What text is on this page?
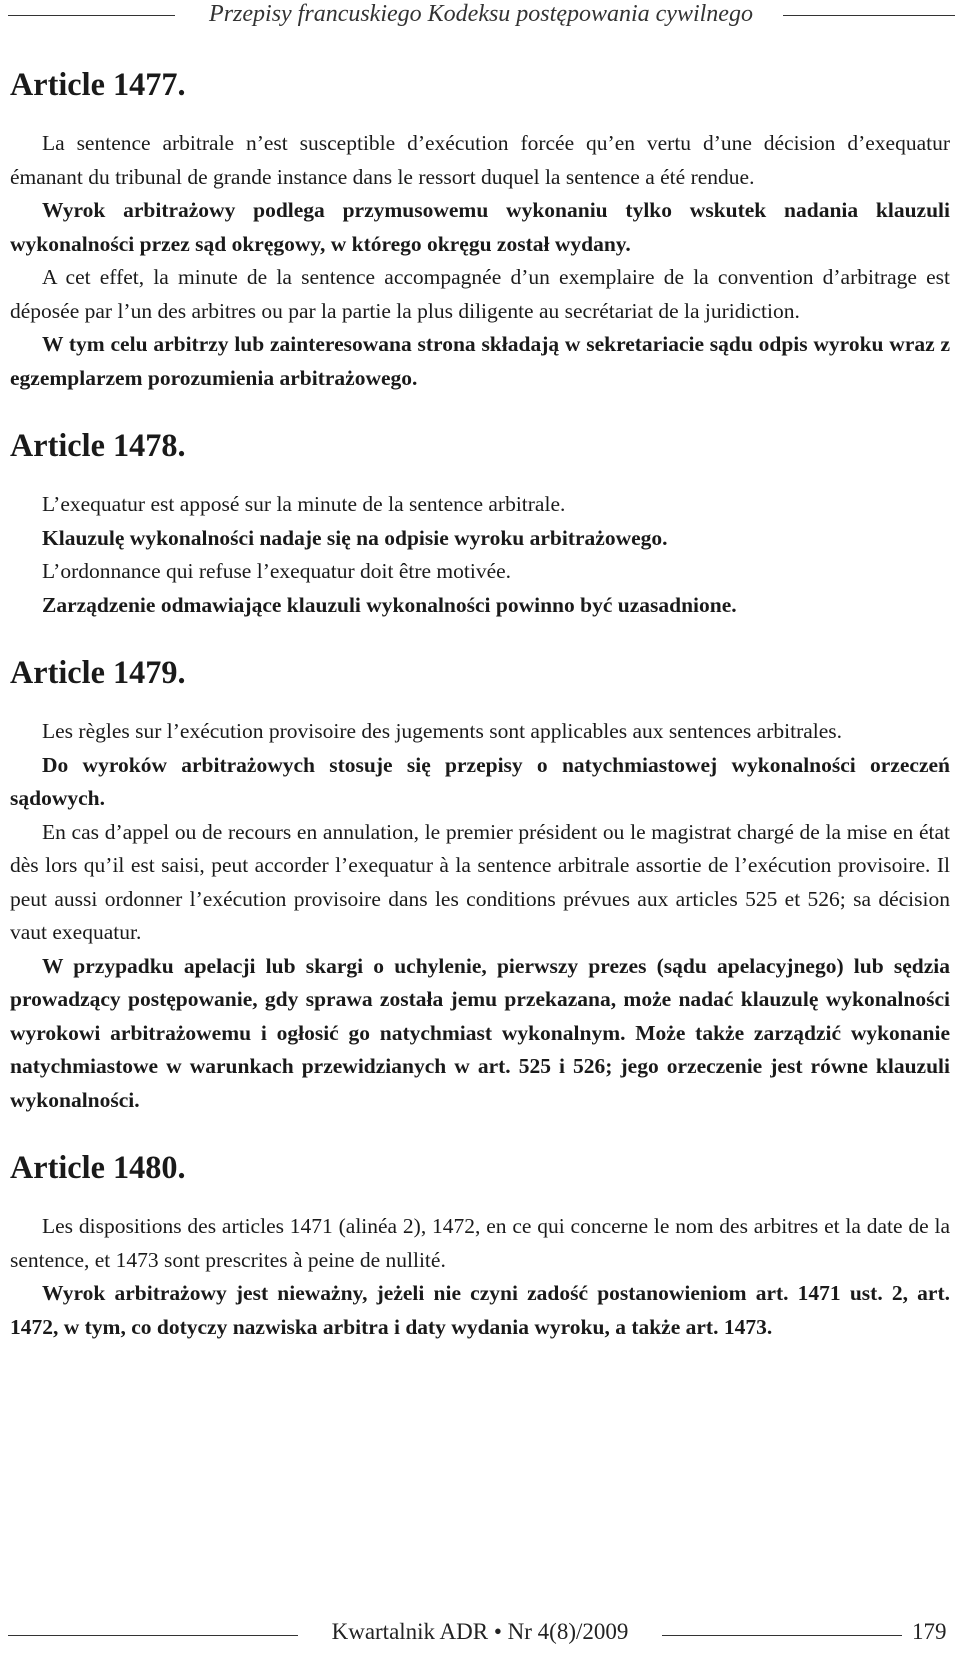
Przepisy francuskiego Kodeksu postępowania cywilnego
Article 1477.

La sentence arbitrale n’est susceptible d’exécution forcée qu’en vertu d’une décision d’exequatur émanant du tribunal de grande instance dans le ressort duquel la sentence a été rendue.

Wyrok arbitrażowy podlega przymusowemu wykonaniu tylko wskutek nadania klauzuli wykonalności przez sąd okręgowy, w którego okręgu został wydany.

A cet effet, la minute de la sentence accompagnée d’un exemplaire de la convention d’arbitrage est déposée par l’un des arbitres ou par la partie la plus diligente au secrétariat de la juridiction.

W tym celu arbitrzy lub zainteresowana strona składają w sekretariacie sądu odpis wyroku wraz z egzemplarzem porozumienia arbitrażowego.

Article 1478.

L’exequatur est apposé sur la minute de la sentence arbitrale.

Klauzulę wykonalności nadaje się na odpisie wyroku arbitrażowego.

L’ordonnance qui refuse l’exequatur doit être motivée.

Zarządzenie odmawiające klauzuli wykonalności powinno być uzasadnione.

Article 1479.

Les règles sur l’exécution provisoire des jugements sont applicables aux sentences arbitrales.

Do wyroków arbitrażowych stosuje się przepisy o natychmiastowej wykonalności orzeczeń sądowych.

En cas d’appel ou de recours en annulation, le premier président ou le magistrat chargé de la mise en état dès lors qu’il est saisi, peut accorder l’exequatur à la sentence arbitrale assortie de l’exécution provisoire. Il peut aussi ordonner l’exécution provisoire dans les conditions prévues aux articles 525 et 526; sa décision vaut exequatur.

W przypadku apelacji lub skargi o uchylenie, pierwszy prezes (sądu apelacyjnego) lub sędzia prowadzący postępowanie, gdy sprawa została jemu przekazana, może nadać klauzulę wykonalności wyrokowi arbitrażowemu i ogłosić go natychmiast wykonalnym. Może także zarządzić wykonanie natychmiastowe w warunkach przewidzianych w art. 525 i 526; jego orzeczenie jest równe klauzuli wykonalności.

Article 1480.

Les dispositions des articles 1471 (alinéa 2), 1472, en ce qui concerne le nom des arbitres et la date de la sentence, et 1473 sont prescrites à peine de nullité.

Wyrok arbitrażowy jest nieważny, jeżeli nie czyni zadość postanowieniom art. 1471 ust. 2, art. 1472, w tym, co dotyczy nazwiska arbitra i daty wydania wyroku, a także art. 1473.

Kwartalnik ADR • Nr 4(8)/2009	179
